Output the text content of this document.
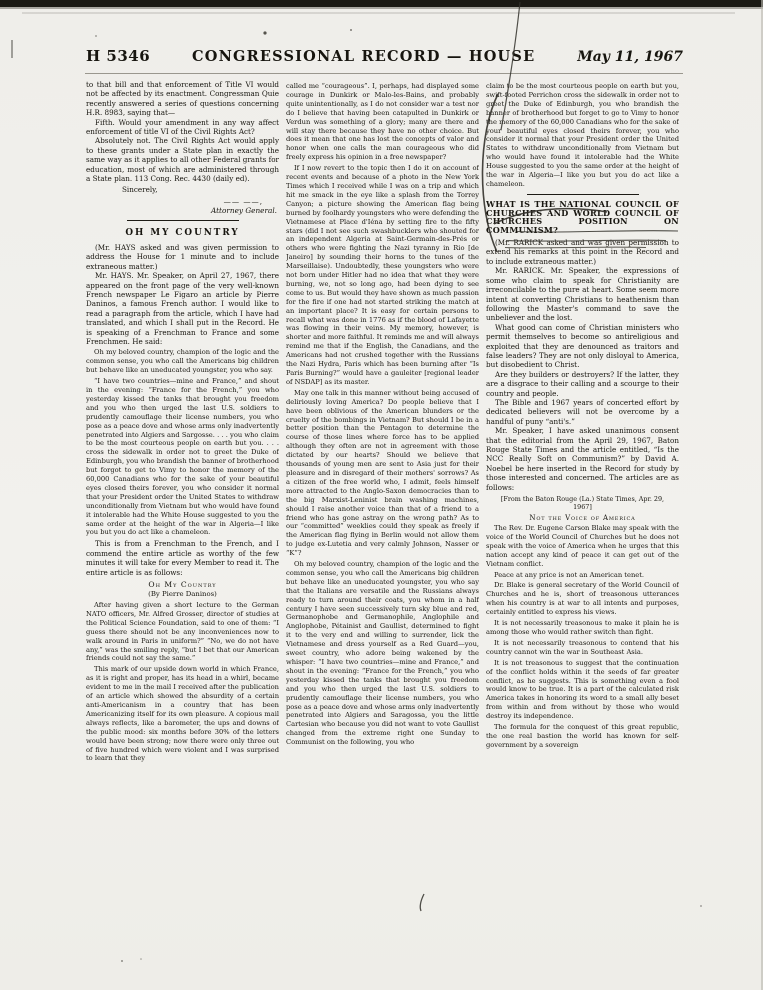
H 5346	CONGRESSIONAL RECORD — HOUSE	May 11, 1967
to that bill and that enforcement of Title VI would not be affected by its enactment. Congressman Quie recently answered a series of questions concerning H.R. 8983, saying that—
Fifth. Would your amendment in any way affect enforcement of title VI of the Civil Rights Act?
Absolutely not. The Civil Rights Act would apply to these grants under a State plan in exactly the same way as it applies to all other Federal grants for education, most of which are administered through a State plan. 113 Cong. Rec. 4430 (daily ed).
Sincerely,
—— ——,
Attorney General.
OH MY COUNTRY
(Mr. HAYS asked and was given permission to address the House for 1 minute and to include extraneous matter.)
Mr. HAYS. Mr. Speaker, on April 27, 1967, there appeared on the front page of the very well-known French newspaper Le Figaro an article by Pierre Daninos, a famous French author. I would like to read a paragraph from the article, which I have had translated, and which I shall put in the Record. He is speaking of a Frenchman to France and some Frenchmen. He said:
Oh my beloved country, champion of the logic and the common sense, you who call the Americans big children but behave like an uneducated youngster, you who say.
“I have two countries—mine and France,” and shout in the evening: “France for the French,” you who yesterday kissed the tanks that brought you freedom and you who then urged the last U.S. soldiers to prudently camouflage their license numbers, you who pose as a peace dove and whose arms only inadvertently penetrated into Algiers and Sargosse. . . . you who claim to be the most courteous people on earth but you. . . . cross the sidewalk in order not to greet the Duke of Edinburgh, you who brandish the banner of brotherhood but forgot to get to Vimy to honor the memory of the 60,000 Canadians who for the sake of your beautiful eyes closed theirs forever, you who consider it normal that your President order the United States to withdraw unconditionally from Vietnam but who would have found it intolerable had the White House suggested to you the same order at the height of the war in Algeria—I like you but you do act like a chameleon.
This is from a Frenchman to the French, and I commend the entire article as worthy of the few minutes it will take for every Member to read it. The entire article is as follows:
Oh My Country
(By Pierre Daninos)
After having given a short lecture to the German NATO officers, Mr. Alfred Grosser, director of studies at the Political Science Foundation, said to one of them: “I guess there should not be any inconveniences now to walk around in Paris in uniform?” “No, we do not have any,” was the smiling reply, “but I bet that our American friends could not say the same.”
This mark of our upside down world in which France, as it is right and proper, has its head in a whirl, became evident to me in the mail I received after the publication of an article which showed the absurdity of a certain anti-Americanism in a country that has been Americanizing itself for its own pleasure. A copious mail always reflects, like a barometer, the ups and downs of the public mood: six months before 30% of the letters would have been strong; now there were only three out of five hundred which were violent and I was surprised to learn that they
called me “courageous”. I, perhaps, had displayed some courage in Dunkirk or Malo-les-Bains, and probably quite unintentionally, as I do not consider war a test nor do I believe that having been catapulted in Dunkirk or Verdun was something of a glory; many are there and will stay there because they have no other choice. But does it mean that one has lost the concepts of valor and honor when one calls the man courageous who did freely express his opinion in a free newspaper?
If I now revert to the topic then I do it on account of recent events and because of a photo in the New York Times which I received while I was on a trip and which hit me smack in the eye like a splash from the Torrey Canyon; a picture showing the American flag being burned by foolhardy youngsters who were defending the Vietnamese at Place d'Iéna by setting fire to the fifty stars (did I not see such swashbucklers who shouted for an independent Algeria at Saint-Germain-des-Prés or others who were fighting the Nazi tyranny in Rio [de Janeiro] by sounding their horns to the tunes of the Marseillaise). Undoubtedly, these youngsters who were not born under Hitler had no idea that what they were burning, we, not so long ago, had been dying to see come to us. But would they have shown as much passion for the fire if one had not started striking the match at an important place? It is easy for certain persons to recall what was done in 1776 as if the blood of Lafayette was flowing in their veins. My memory, however, is shorter and more faithful. It reminds me and will always remind me that if the English, the Canadians, and the Americans had not crushed together with the Russians the Nazi Hydra, Paris which has been burning after “Is Paris Burning?” would have a gauleiter [regional leader of NSDAP] as its master.
May one talk in this manner without being accused of deliriously loving America? Do people believe that I have been oblivious of the American blunders or the cruelty of the bombings in Vietnam? But should I be in a better position than the Pentagon to determine the course of those lines where force has to be applied although they often are not in agreement with those dictated by our hearts? Should we believe that thousands of young men are sent to Asia just for their pleasure and in disregard of their mothers' sorrows? As a citizen of the free world who, I admit, feels himself more attracted to the Anglo-Saxon democracies than to the big Marxist-Leninist brain washing machines, should I raise another voice than that of a friend to a friend who has gone astray on the wrong path? As to our “committed” weeklies could they speak as freely if the American flag flying in Berlin would not allow them to judge ex-Lutetia and very calmly Johnson, Nasser or “K”?
Oh my beloved country, champion of the logic and the common sense, you who call the Americans big children but behave like an uneducated youngster, you who say that the Italians are versatile and the Russians always ready to turn around their coats, you whom in a half century I have seen successively turn sky blue and red, Germanophobe and Germanophile, Anglophile and Anglophobe, Pétainist and Gaullist, determined to fight it to the very end and willing to surrender, lick the Vietnamese and dress yourself as a Red Guard—you, sweet country, who adore being wakened by the whisper: “I have two countries—mine and France,” and shout in the evening: “France for the French,” you who yesterday kissed the tanks that brought you freedom and you who then urged the last U.S. soldiers to prudently camouflage their license numbers, you who pose as a peace dove and whose arms only inadvertently penetrated into Algiers and Saragossa, you the little Cartesian who because you did not want to vote Gaullist changed from the extreme right one Sunday to Communist on the following, you who
claim to be the most courteous people on earth but you, swift-footed Perrichon cross the sidewalk in order not to greet the Duke of Edinburgh, you who brandish the banner of brotherhood but forget to go to Vimy to honor the memory of the 60,000 Canadians who for the sake of your beautiful eyes closed theirs forever, you who consider it normal that your President order the United States to withdraw unconditionally from Vietnam but who would have found it intolerable had the White House suggested to you the same order at the height of the war in Algeria—I like you but you do act like a chameleon.
WHAT IS THE NATIONAL COUNCIL OF CHURCHES AND WORLD COUNCIL OF CHURCHES POSITION ON COMMUNISM?
(Mr. RARICK asked and was given permission to extend his remarks at this point in the Record and to include extraneous matter.)
Mr. RARICK. Mr. Speaker, the expressions of some who claim to speak for Christianity are irreconcilable to the pure at heart. Some seem more intent at converting Christians to heathenism than following the Master's command to save the unbeliever and the lost.
What good can come of Christian ministers who permit themselves to become so antireligious and exploited that they are denounced as traitors and false leaders? They are not only disloyal to America, but disobedient to Christ.
Are they builders or destroyers? If the latter, they are a disgrace to their calling and a scourge to their country and people.
The Bible and 1967 years of concerted effort by dedicated believers will not be overcome by a handful of puny “anti's.”
Mr. Speaker, I have asked unanimous consent that the editorial from the April 29, 1967, Baton Rouge State Times and the article entitled, “Is the NCC Really Soft on Communism?” by David A. Noebel be here inserted in the Record for study by those interested and concerned. The articles are as follows:
[From the Baton Rouge (La.) State Times, Apr. 29, 1967]
Not the Voice of America
The Rev. Dr. Eugene Carson Blake may speak with the voice of the World Council of Churches but he does not speak with the voice of America when he urges that this nation accept any kind of peace it can get out of the Vietnam conflict.
Peace at any price is not an American tenet.
Dr. Blake is general secretary of the World Council of Churches and he is, short of treasonous utterances when his country is at war to all intents and purposes, certainly entitled to express his views.
It is not necessarily treasonous to make it plain he is among those who would rather switch than fight.
It is not necessarily treasonous to contend that his country cannot win the war in Southeast Asia.
It is not treasonous to suggest that the continuation of the conflict holds within it the seeds of far greater conflict, as he suggests. This is something even a fool would know to be true. It is a part of the calculated risk America takes in honoring its word to a small ally beset from within and from without by those who would destroy its independence.
The formula for the conquest of this great republic, the one real bastion the world has known for self-government by a sovereign
